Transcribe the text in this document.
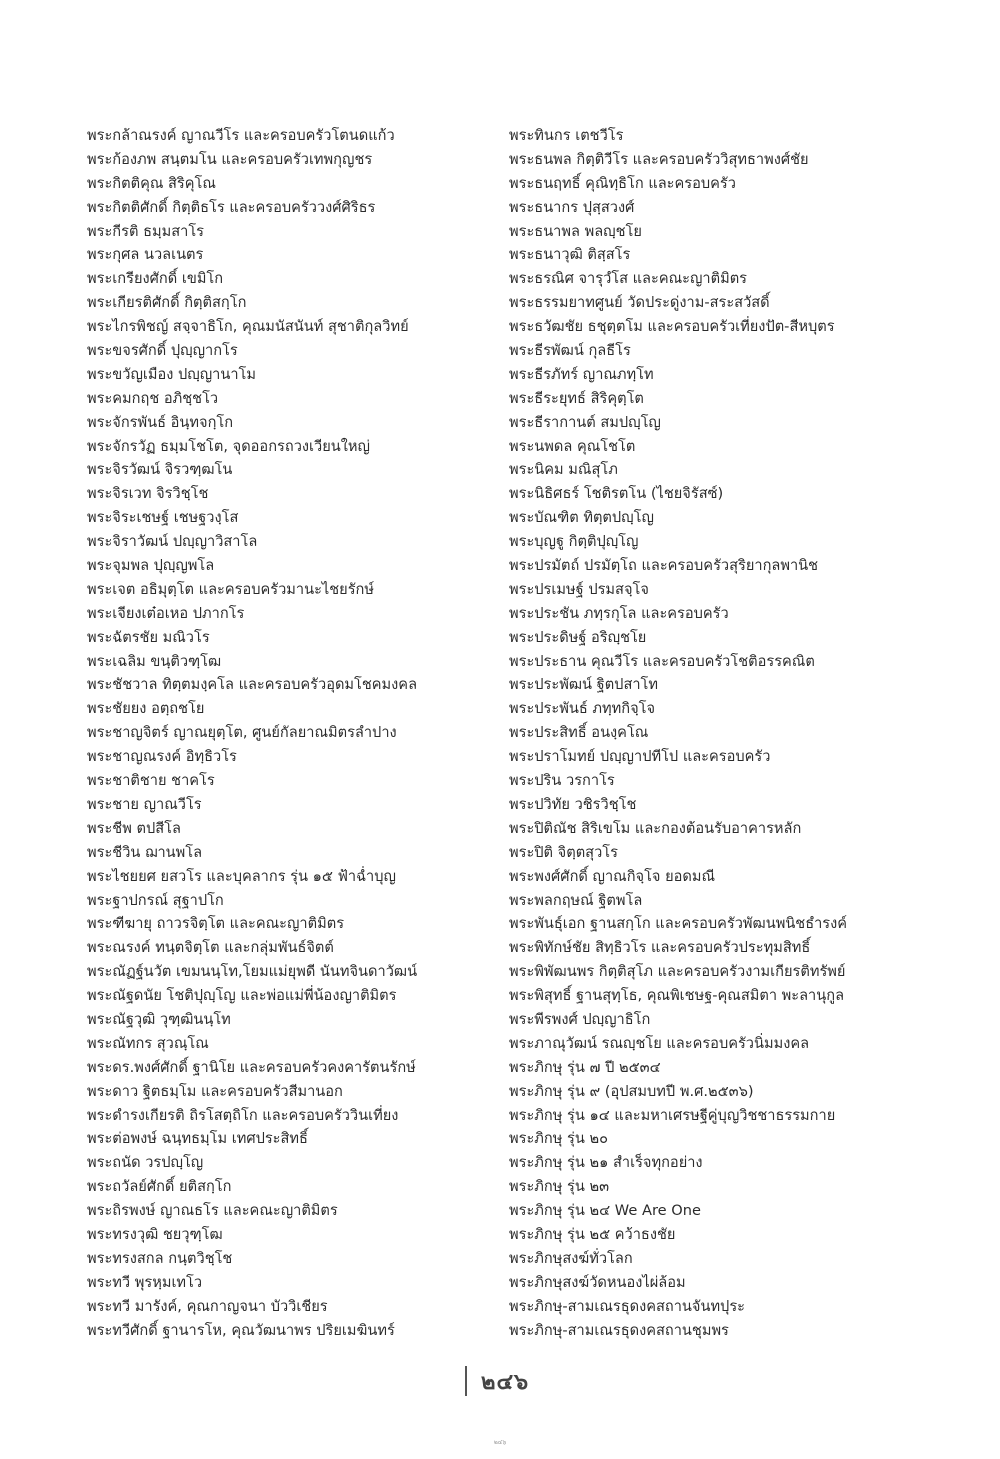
พระกล้าณรงค์ ญาณวีโร และครอบครัวโตนดแก้ว
พระก้องภพ สนฺตมโน และครอบครัวเทพกุญชร
พระกิตติคุณ สิริคุโณ
พระกิตติศักดิ์ กิตฺติธโร และครอบครัววงศ์ศิริธร
พระกีรติ ธมฺมสาโร
พระกุศล นวลเนตร
พระเกรียงศักดิ์ เขมิโก
พระเกียรติศักดิ์ กิตฺติสกฺโก
พระไกรพิชญ์ สจฺจาธิโก, คุณมนัสนันท์ สุชาติกุลวิทย์
พระขจรศักดิ์ ปุญฺญากโร
พระขวัญเมือง ปญฺญานาโม
พระคมกฤช อภิชฺชโว
พระจักรพันธ์ อินฺทจกฺโก
พระจักรวัฏ ธมฺมโชโต, จุดออกรถวงเวียนใหญ่
พระจิรวัฒน์ จิรวฑฺฒโน
พระจิรเวท จิรวิชฺโช
พระจิระเชษฐ์ เชษฐวงฺโส
พระจิราวัฒน์ ปญฺญาวิสาโล
พระจุมพล ปุญฺญพโล
พระเจต อธิมุตฺโต และครอบครัวมานะไชยรักษ์
พระเจียงเต๋อเหอ ปภากโร
พระฉัตรชัย มณิวโร
พระเฉลิม ขนฺติวฑฺโฒ
พระชัชวาล ทิตฺตมงฺคโล และครอบครัวอุดมโชคมงคล
พระชัยยง อตฺถชโย
พระชาญจิตร์ ญาณยุตฺโต, ศูนย์กัลยาณมิตรลำปาง
พระชาญณรงค์ อิทฺธิวโร
พระชาติชาย ชาคโร
พระชาย ญาณวีโร
พระชีพ ตปสีโล
พระชีวิน ฌานพโล
พระไชยยศ ยสวโร และบุคลากร รุ่น ๑๕ ฟ้าฉ่ำบุญ
พระฐาปกรณ์ สุฐาปโก
พระฑีฆายุ ถาวรจิตฺโต และคณะญาติมิตร
พระณรงค์ ทนฺตจิตฺโต และกลุ่มพันธ์จิตต์
พระณัฏฐ์นวัต เขมนนฺโท,โยมแม่ยุพดี นันทจินดาวัฒน์
พระณัฐดนัย โชติปุญฺโญ และพ่อแม่พี่น้องญาติมิตร
พระณัฐวุฒิ วุฑฺฒินนฺโท
พระณัทกร สุวณฺโณ
พระดร.พงศ์ศักดิ์ ฐานิโย และครอบครัวคงคารัตนรักษ์
พระดาว ฐิตธมฺโม และครอบครัวสีมานอก
พระดำรงเกียรติ ถิรโสตฺถิโก และครอบครัววินเที่ยง
พระต่อพงษ์ ฉนฺทธมฺโม เทศประสิทธิ์
พระถนัด วรปญฺโญ
พระถวัลย์ศักดิ์ ยติสกฺโก
พระถิรพงษ์ ญาณธโร และคณะญาติมิตร
พระทรงวุฒิ ชยวุฑฺโฒ
พระทรงสกล กนฺตวิชฺโช
พระทวี พุรหฺมเทโว
พระทวี มารังค์, คุณกาญจนา บัววิเชียร
พระทวีศักดิ์ ฐานารโห, คุณวัฒนาพร ปริยเมฆินทร์
พระทินกร เตชวีโร
พระธนพล กิตฺติวีโร และครอบครัววิสุทธาพงศ์ชัย
พระธนฤทธิ์ คุณิทฺธิโก และครอบครัว
พระธนากร ปุสฺสวงศ์
พระธนาพล พลญฺชโย
พระธนาวุฒิ ติสฺสโร
พระธรณิศ จารุวํโส และคณะญาติมิตร
พระธรรมยาทศูนย์ วัดประดู่งาม-สระสวัสดิ์
พระธวัฒชัย ธชุตฺตโม และครอบครัวเที่ยงปัต-สีหบุตร
พระธีรพัฒน์ กุลธีโร
พระธีรภัทร์ ญาณภทฺโท
พระธีระยุทธ์ สิริคุตฺโต
พระธีรากานต์ สมปญฺโญ
พระนพดล คุณโชโต
พระนิคม มณิสุโภ
พระนิธิศธร์ โชติรตโน (ไชยจิรัสซ์)
พระบัณฑิต ทิตฺตปญฺโญ
พระบุญฐู กิตฺติปุญฺโญ
พระปรมัตถ์ ปรมัตฺโถ และครอบครัวสุริยากุลพานิช
พระปรเมษฐ์ ปรมสจฺโจ
พระประชัน ภทฺรกุโล และครอบครัว
พระประดิษฐ์ อริญฺชโย
พระประธาน คุณวีโร และครอบครัวโชติอรรคณิต
พระประพัฒน์ ฐิตปสาโท
พระประพันธ์ ภทฺทกิจฺโจ
พระประสิทธิ์ อนงฺคโณ
พระปราโมทย์ ปญฺญาปทีโป และครอบครัว
พระปริน วรกาโร
พระปวิทัย วชิรวิชฺโช
พระปิติณัช สิริเขโม และกองต้อนรับอาคารหลัก
พระปิติ จิตฺตสุวโร
พระพงศ์ศักดิ์ ญาณกิจฺโจ ยอดมณี
พระพลกฤษณ์ ฐิตพโล
พระพันธุ์เอก ฐานสกฺโก และครอบครัวพัฒนพนิชธำรงค์
พระพิทักษ์ชัย สิทฺธิวโร และครอบครัวประทุมสิทธิ์
พระพิพัฒนพร กิตฺติสุโภ และครอบครัวงามเกียรติทรัพย์
พระพิสุทธิ์ ฐานสุทฺโธ, คุณพิเชษฐ-คุณสมิตา พะลานุกูล
พระพีรพงศ์ ปญฺญาธิโก
พระภาณุวัฒน์ รณญฺชโย และครอบครัวนิ่มมงคล
พระภิกษุ รุ่น ๗ ปี ๒๕๓๔
พระภิกษุ รุ่น ๙ (อุปสมบทปี พ.ศ.๒๕๓๖)
พระภิกษุ รุ่น ๑๔ และมหาเศรษฐีคู่บุญวิชชาธรรมกาย
พระภิกษุ รุ่น ๒๐
พระภิกษุ รุ่น ๒๑ สำเร็จทุกอย่าง
พระภิกษุ รุ่น ๒๓
พระภิกษุ รุ่น ๒๔ We Are One
พระภิกษุ รุ่น ๒๕ คว้าธงชัย
พระภิกษุสงฆ์ทั่วโลก
พระภิกษุสงฆ์วัดหนองไผ่ล้อม
พระภิกษุ-สามเณรธุดงคสถานจันทปุระ
พระภิกษุ-สามเณรธุดงคสถานชุมพร
๒๔๖
๒๔๖
